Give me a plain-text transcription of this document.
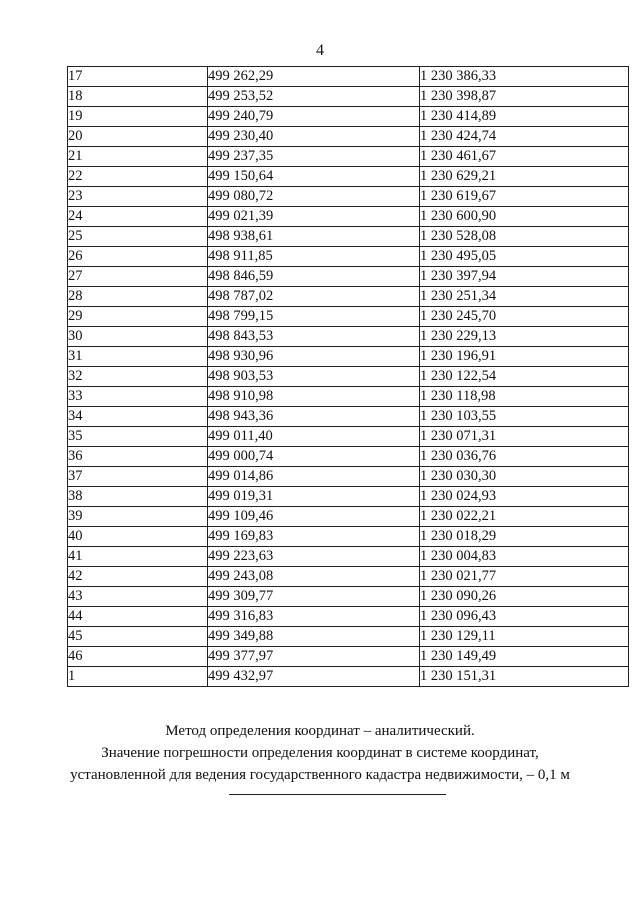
4
17	499 262,29	1 230 386,33
18	499 253,52	1 230 398,87
19	499 240,79	1 230 414,89
20	499 230,40	1 230 424,74
21	499 237,35	1 230 461,67
22	499 150,64	1 230 629,21
23	499 080,72	1 230 619,67
24	499 021,39	1 230 600,90
25	498 938,61	1 230 528,08
26	498 911,85	1 230 495,05
27	498 846,59	1 230 397,94
28	498 787,02	1 230 251,34
29	498 799,15	1 230 245,70
30	498 843,53	1 230 229,13
31	498 930,96	1 230 196,91
32	498 903,53	1 230 122,54
33	498 910,98	1 230 118,98
34	498 943,36	1 230 103,55
35	499 011,40	1 230 071,31
36	499 000,74	1 230 036,76
37	499 014,86	1 230 030,30
38	499 019,31	1 230 024,93
39	499 109,46	1 230 022,21
40	499 169,83	1 230 018,29
41	499 223,63	1 230 004,83
42	499 243,08	1 230 021,77
43	499 309,77	1 230 090,26
44	499 316,83	1 230 096,43
45	499 349,88	1 230 129,11
46	499 377,97	1 230 149,49
1	499 432,97	1 230 151,31
Метод определения координат – аналитический.
Значение погрешности определения координат в системе координат,
установленной для ведения государственного кадастра недвижимости, – 0,1 м
